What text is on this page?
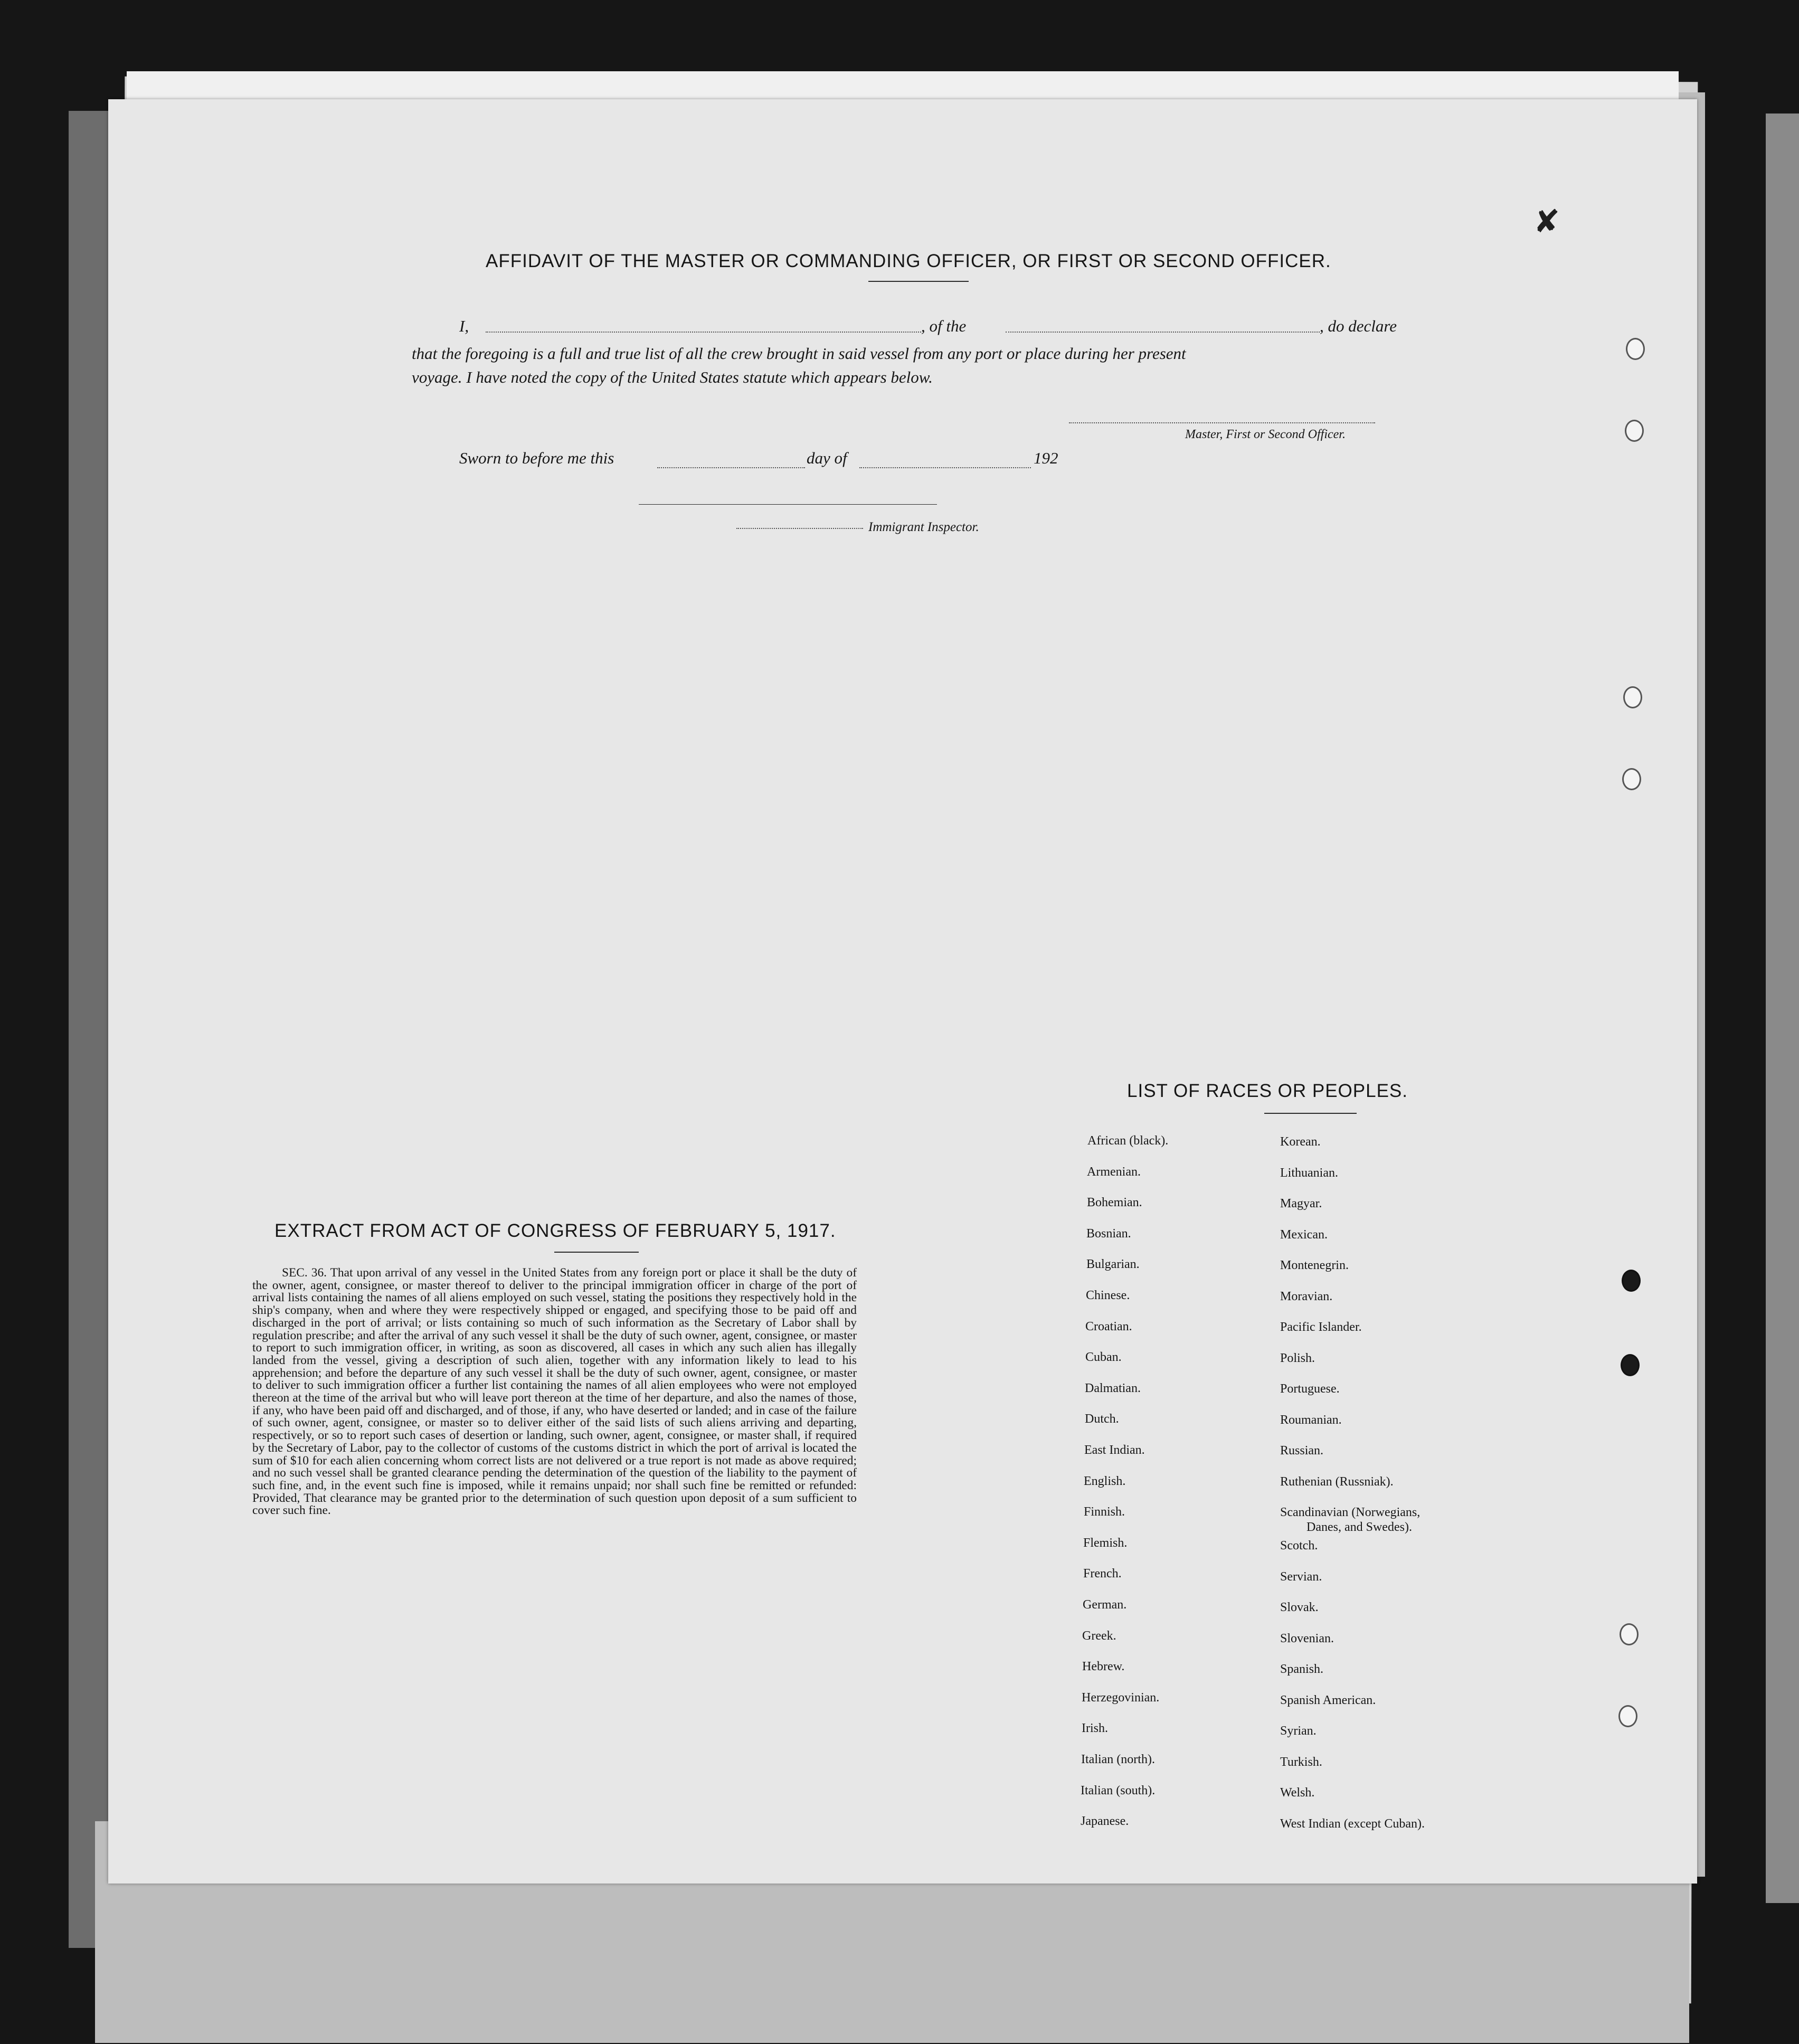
AFFIDAVIT OF THE MASTER OR COMMANDING OFFICER, OR FIRST OR SECOND OFFICER.
I,	, of the	, do declare
that the foregoing is a full and true list of all the crew brought in said vessel from any port or place during her present
voyage. I have noted the copy of the United States statute which appears below.
Master, First or Second Officer.
Sworn to before me this	day of	192
Immigrant Inspector.
EXTRACT FROM ACT OF CONGRESS OF FEBRUARY 5, 1917.
SEC. 36. That upon arrival of any vessel in the United States from any foreign port or place it shall be the duty of the owner, agent, consignee, or master thereof to deliver to the principal immigration officer in charge of the port of arrival lists containing the names of all aliens employed on such vessel, stating the positions they respectively hold in the ship's company, when and where they were respectively shipped or engaged, and specifying those to be paid off and discharged in the port of arrival; or lists containing so much of such information as the Secretary of Labor shall by regulation prescribe; and after the arrival of any such vessel it shall be the duty of such owner, agent, consignee, or master to report to such immigration officer, in writing, as soon as discovered, all cases in which any such alien has illegally landed from the vessel, giving a description of such alien, together with any information likely to lead to his apprehension; and before the departure of any such vessel it shall be the duty of such owner, agent, consignee, or master to deliver to such immigration officer a further list containing the names of all alien employees who were not employed thereon at the time of the arrival but who will leave port thereon at the time of her departure, and also the names of those, if any, who have been paid off and discharged, and of those, if any, who have deserted or landed; and in case of the failure of such owner, agent, consignee, or master so to deliver either of the said lists of such aliens arriving and departing, respectively, or so to report such cases of desertion or landing, such owner, agent, consignee, or master shall, if required by the Secretary of Labor, pay to the collector of customs of the customs district in which the port of arrival is located the sum of $10 for each alien concerning whom correct lists are not delivered or a true report is not made as above required; and no such vessel shall be granted clearance pending the determination of the question of the liability to the payment of such fine, and, in the event such fine is imposed, while it remains unpaid; nor shall such fine be remitted or refunded: Provided, That clearance may be granted prior to the determination of such question upon deposit of a sum sufficient to cover such fine.
LIST OF RACES OR PEOPLES.
African (black).
Armenian.
Bohemian.
Bosnian.
Bulgarian.
Chinese.
Croatian.
Cuban.
Dalmatian.
Dutch.
East Indian.
English.
Finnish.
Flemish.
French.
German.
Greek.
Hebrew.
Herzegovinian.
Irish.
Italian (north).
Italian (south).
Japanese.
Korean.
Lithuanian.
Magyar.
Mexican.
Montenegrin.
Moravian.
Pacific Islander.
Polish.
Portuguese.
Roumanian.
Russian.
Ruthenian (Russniak).
Scandinavian (Norwegians,
Danes, and Swedes).
Scotch.
Servian.
Slovak.
Slovenian.
Spanish.
Spanish American.
Syrian.
Turkish.
Welsh.
West Indian (except Cuban).
✘
